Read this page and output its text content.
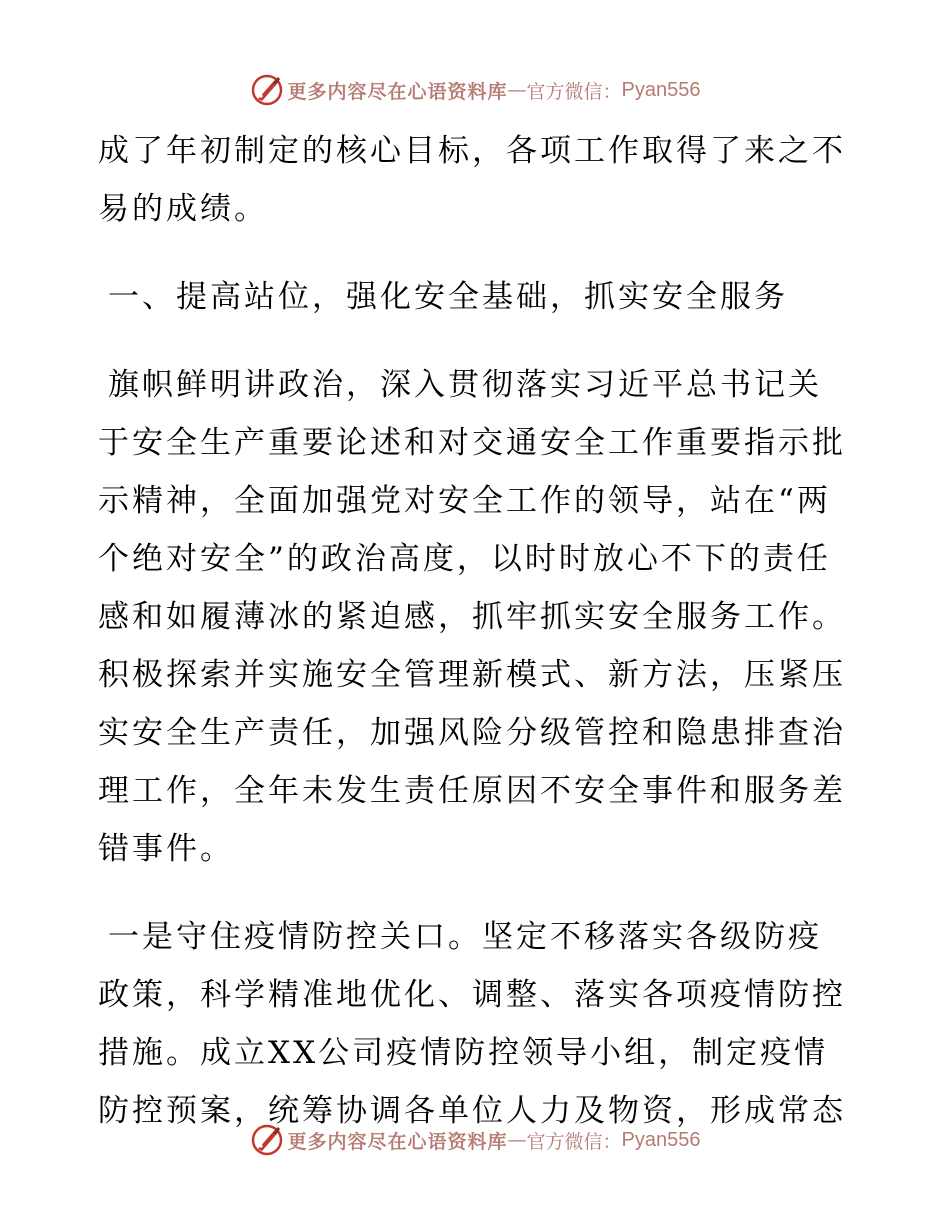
更多内容尽在心语资料库 — 官方微信： Pyan556
成了年初制定的核心目标，各项工作取得了来之不
易的成绩。
一、提高站位，强化安全基础，抓实安全服务
旗帜鲜明讲政治，深入贯彻落实习近平总书记关
于安全生产重要论述和对交通安全工作重要指示批
示精神，全面加强党对安全工作的领导，站在“两
个绝对安全”的政治高度，以时时放心不下的责任
感和如履薄冰的紧迫感，抓牢抓实安全服务工作。
积极探索并实施安全管理新模式、新方法，压紧压
实安全生产责任，加强风险分级管控和隐患排查治
理工作，全年未发生责任原因不安全事件和服务差
错事件。
一是守住疫情防控关口。坚定不移落实各级防疫
政策，科学精准地优化、调整、落实各项疫情防控
措施。成立XX公司疫情防控领导小组，制定疫情
防控预案，统筹协调各单位人力及物资，形成常态
更多内容尽在心语资料库 — 官方微信： Pyan556
